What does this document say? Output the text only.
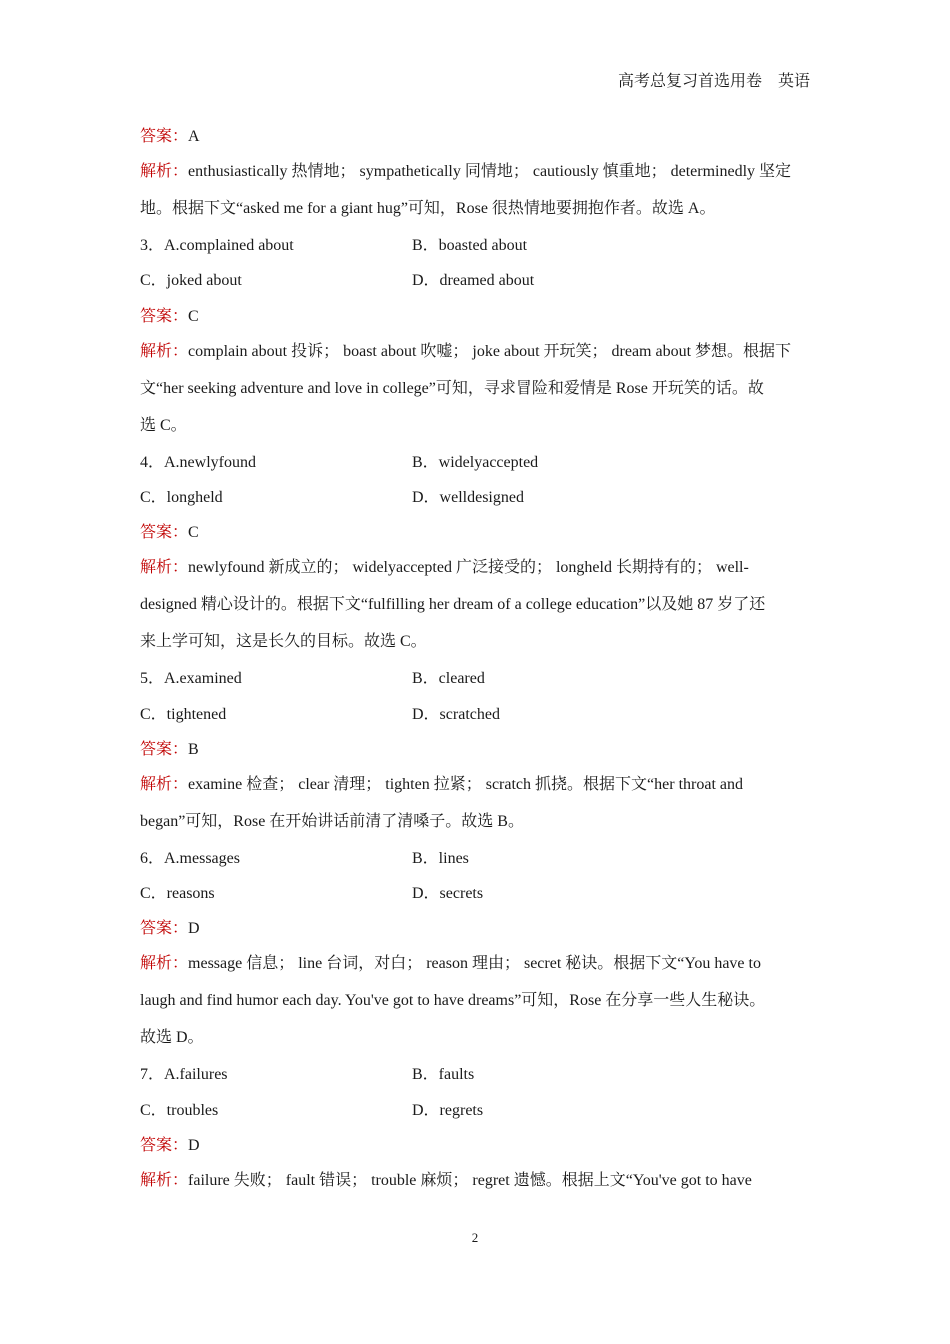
高考总复习首选用卷　英语
答案：A
解析：enthusiastically 热情地； sympathetically 同情地； cautiously 慎重地； determinedly 坚定
地。根据下文“asked me for a giant hug”可知，Rose 很热情地要拥抱作者。故选 A。
3．A.complained about	B．boasted about
C．joked about	D．dreamed about
答案：C
解析：complain about 投诉； boast about 吹嘘； joke about 开玩笑； dream about 梦想。根据下
文“her seeking adventure and love in college”可知，寻求冒险和爱情是 Rose 开玩笑的话。故
选 C。
4．A.newlyfound	B．widelyaccepted
C．longheld	D．welldesigned
答案：C
解析：newlyfound 新成立的； widelyaccepted 广泛接受的； longheld 长期持有的； well-
designed 精心设计的。根据下文“fulfilling her dream of a college education”以及她 87 岁了还
来上学可知，这是长久的目标。故选 C。
5．A.examined	B．cleared
C．tightened	D．scratched
答案：B
解析：examine 检查； clear 清理； tighten 拉紧； scratch 抓挠。根据下文“her throat and
began”可知，Rose 在开始讲话前清了清嗓子。故选 B。
6．A.messages	B．lines
C．reasons	D．secrets
答案：D
解析：message 信息； line 台词，对白； reason 理由； secret 秘诀。根据下文“You have to
laugh and find humor each day. You've got to have dreams”可知，Rose 在分享一些人生秘诀。
故选 D。
7．A.failures	B．faults
C．troubles	D．regrets
答案：D
解析：failure 失败； fault 错误； trouble 麻烦； regret 遗憾。根据上文“You've got to have
2
